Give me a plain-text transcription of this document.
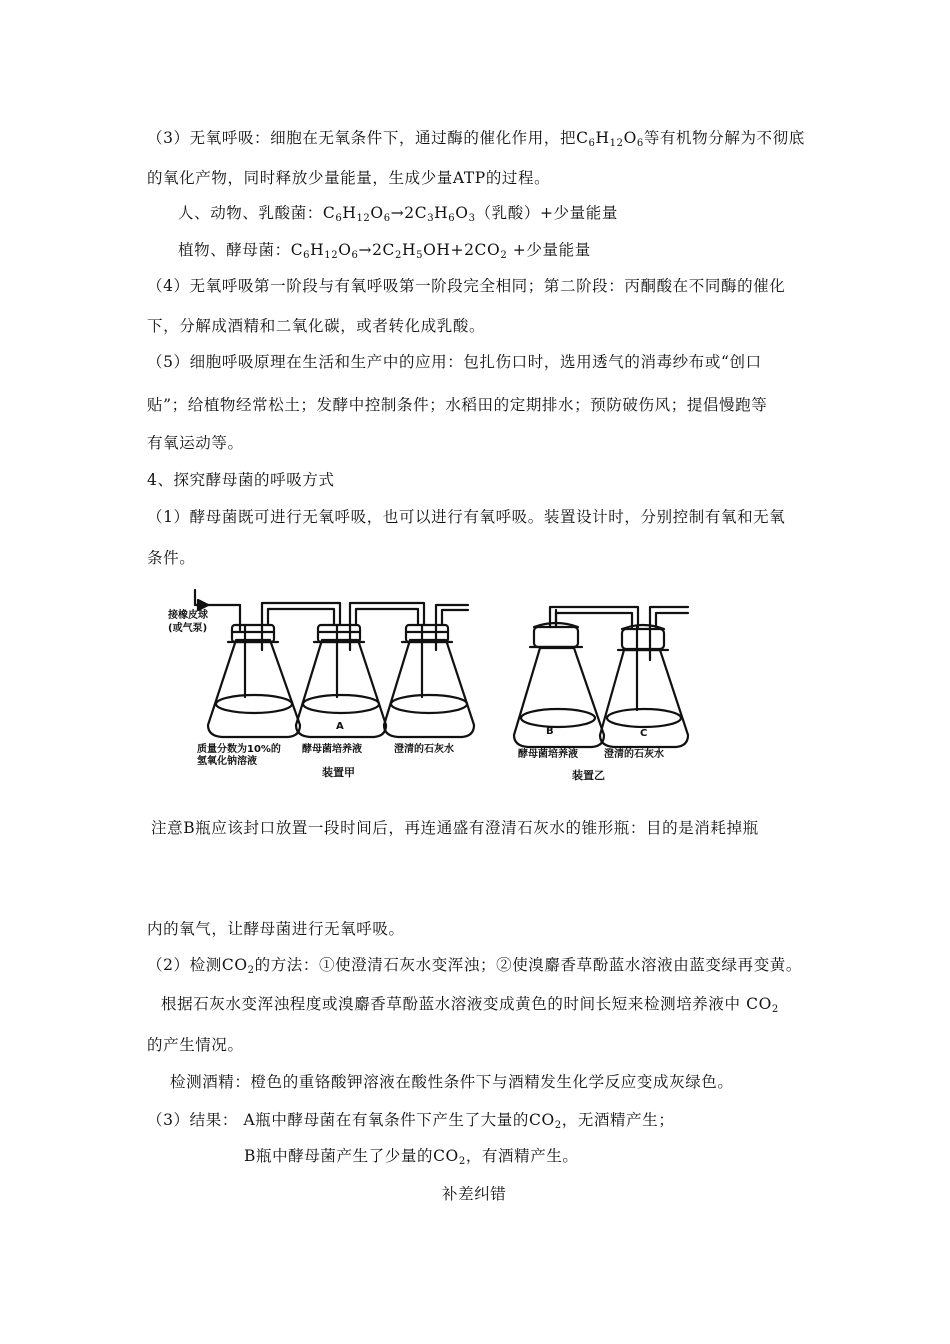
（3）无氧呼吸：细胞在无氧条件下，通过酶的催化作用，把$C_6H_{12}O_6$等有机物分解为不彻底
的氧化产物，同时释放少量能量，生成少量ATP的过程。
人、动物、乳酸菌：$C_6H_{12}O_6\to 2C_3H_6O_3$（乳酸）+少量能量
植物、酵母菌：$C_6H_{12}O_6\to 2C_2H_5OH+2CO_2$ +少量能量
（4）无氧呼吸第一阶段与有氧呼吸第一阶段完全相同；第二阶段：丙酮酸在不同酶的催化
下，分解成酒精和二氧化碳，或者转化成乳酸。
（5）细胞呼吸原理在生活和生产中的应用：包扎伤口时，选用透气的消毒纱布或“创口
贴”；给植物经常松土；发酵中控制条件；水稻田的定期排水；预防破伤风；提倡慢跑等
有氧运动等。
4、探究酵母菌的呼吸方式
（1）酵母菌既可进行无氧呼吸，也可以进行有氧呼吸。装置设计时，分别控制有氧和无氧
条件。
接橡皮球
(或气泵)
质量分数为10%的
氢氧化钠溶液
A
酵母菌培养液	澄清的石灰水
装置甲
B	C
酵母菌培养液	澄清的石灰水
装置乙
注意B瓶应该封口放置一段时间后，再连通盛有澄清石灰水的锥形瓶：目的是消耗掉瓶
内的氧气，让酵母菌进行无氧呼吸。
（2）检测$CO_2$的方法：①使澄清石灰水变浑浊；②使溴麝香草酚蓝水溶液由蓝变绿再变黄。
根据石灰水变浑浊程度或溴麝香草酚蓝水溶液变成黄色的时间长短来检测培养液中 $CO_2$
的产生情况。
检测酒精：橙色的重铬酸钾溶液在酸性条件下与酒精发生化学反应变成灰绿色。
（3）结果： A瓶中酵母菌在有氧条件下产生了大量的$CO_2$，无酒精产生；
B瓶中酵母菌产生了少量的$CO_2$，有酒精产生。
补差纠错
